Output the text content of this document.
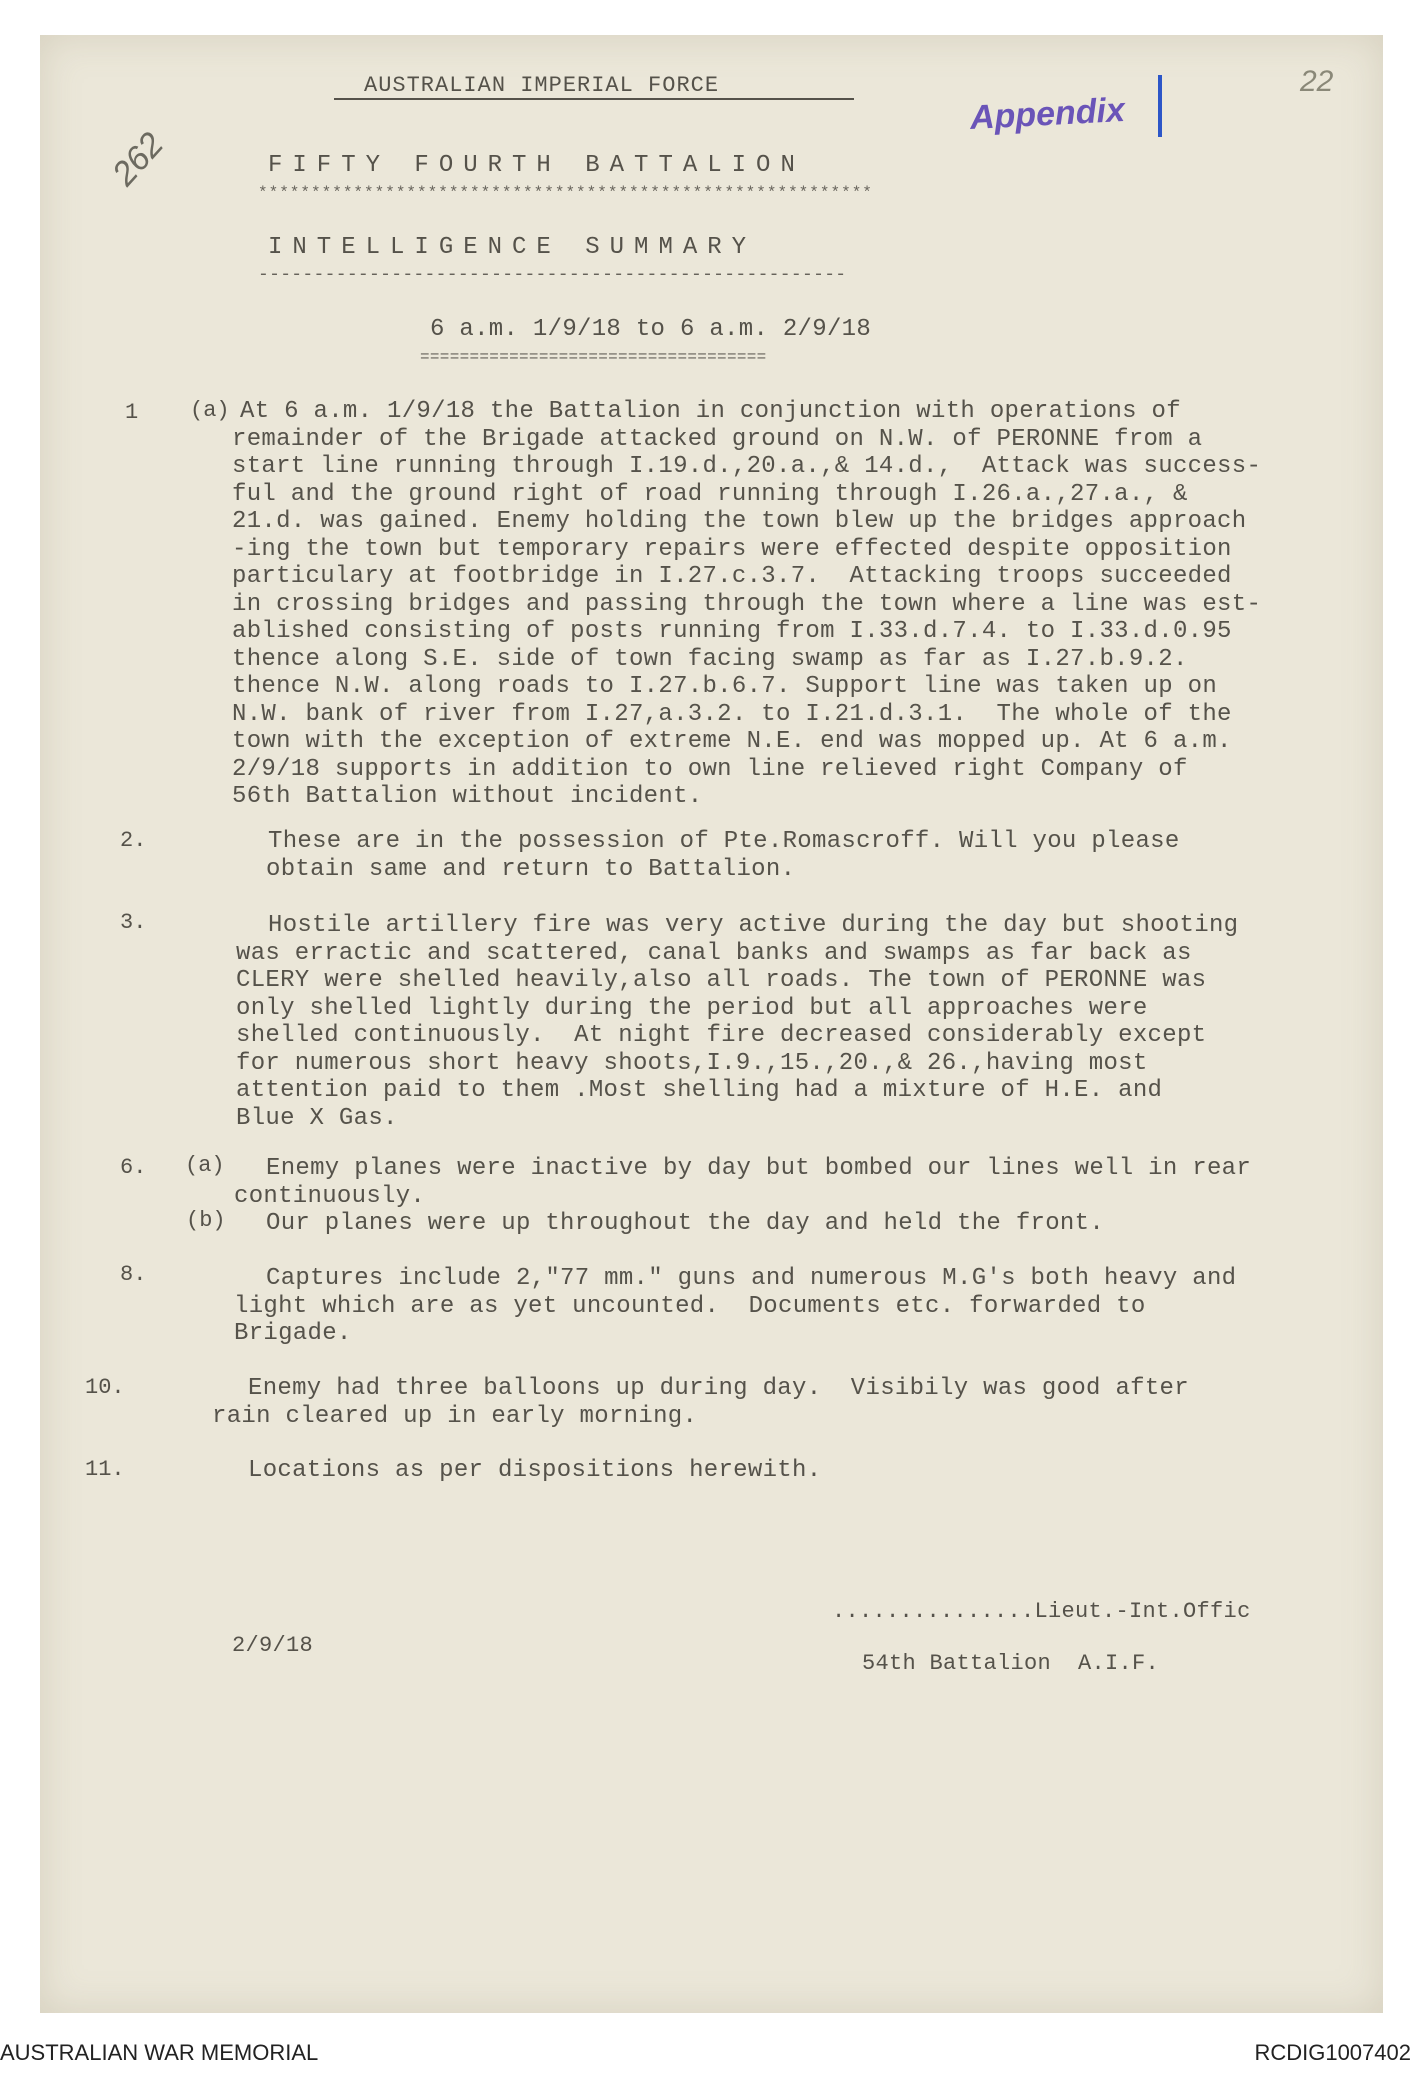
262
Appendix
22
AUSTRALIAN IMPERIAL FORCE
FIFTY FOURTH BATTALION
**********************************************************
INTELLIGENCE SUMMARY
-----------------------------------------------------
6 a.m. 1/9/18 to 6 a.m. 2/9/18
===================================
1 (a) At 6 a.m. 1/9/18 the Battalion in conjunction with operations of
remainder of the Brigade attacked ground on N.W. of PERONNE from a
start line running through I.19.d.,20.a.,& 14.d.,  Attack was success-
ful and the ground right of road running through I.26.a.,27.a., &
21.d. was gained. Enemy holding the town blew up the bridges approach
-ing the town but temporary repairs were effected despite opposition
particulary at footbridge in I.27.c.3.7.  Attacking troops succeeded
in crossing bridges and passing through the town where a line was est-
ablished consisting of posts running from I.33.d.7.4. to I.33.d.0.95
thence along S.E. side of town facing swamp as far as I.27.b.9.2.
thence N.W. along roads to I.27.b.6.7. Support line was taken up on
N.W. bank of river from I.27,a.3.2. to I.21.d.3.1.  The whole of the
town with the exception of extreme N.E. end was mopped up. At 6 a.m.
2/9/18 supports in addition to own line relieved right Company of
56th Battalion without incident.
2.	These are in the possession of Pte.Romascroff. Will you please
obtain same and return to Battalion.
3.	Hostile artillery fire was very active during the day but shooting
was erractic and scattered, canal banks and swamps as far back as
CLERY were shelled heavily,also all roads. The town of PERONNE was
only shelled lightly during the period but all approaches were
shelled continuously.  At night fire decreased considerably except
for numerous short heavy shoots,I.9.,15.,20.,& 26.,having most
attention paid to them .Most shelling had a mixture of H.E. and
Blue X Gas.
6. (a) Enemy planes were inactive by day but bombed our lines well in rear
continuously.
(b) Our planes were up throughout the day and held the front.
8.	Captures include 2,"77 mm." guns and numerous M.G's both heavy and
light which are as yet uncounted.  Documents etc. forwarded to
Brigade.
10.	Enemy had three balloons up during day.  Visibily was good after
rain cleared up in early morning.
11.	Locations as per dispositions herewith.
...............Lieut.-Int.Offic
54th Battalion  A.I.F.
2/9/18
AUSTRALIAN WAR MEMORIAL	RCDIG1007402
